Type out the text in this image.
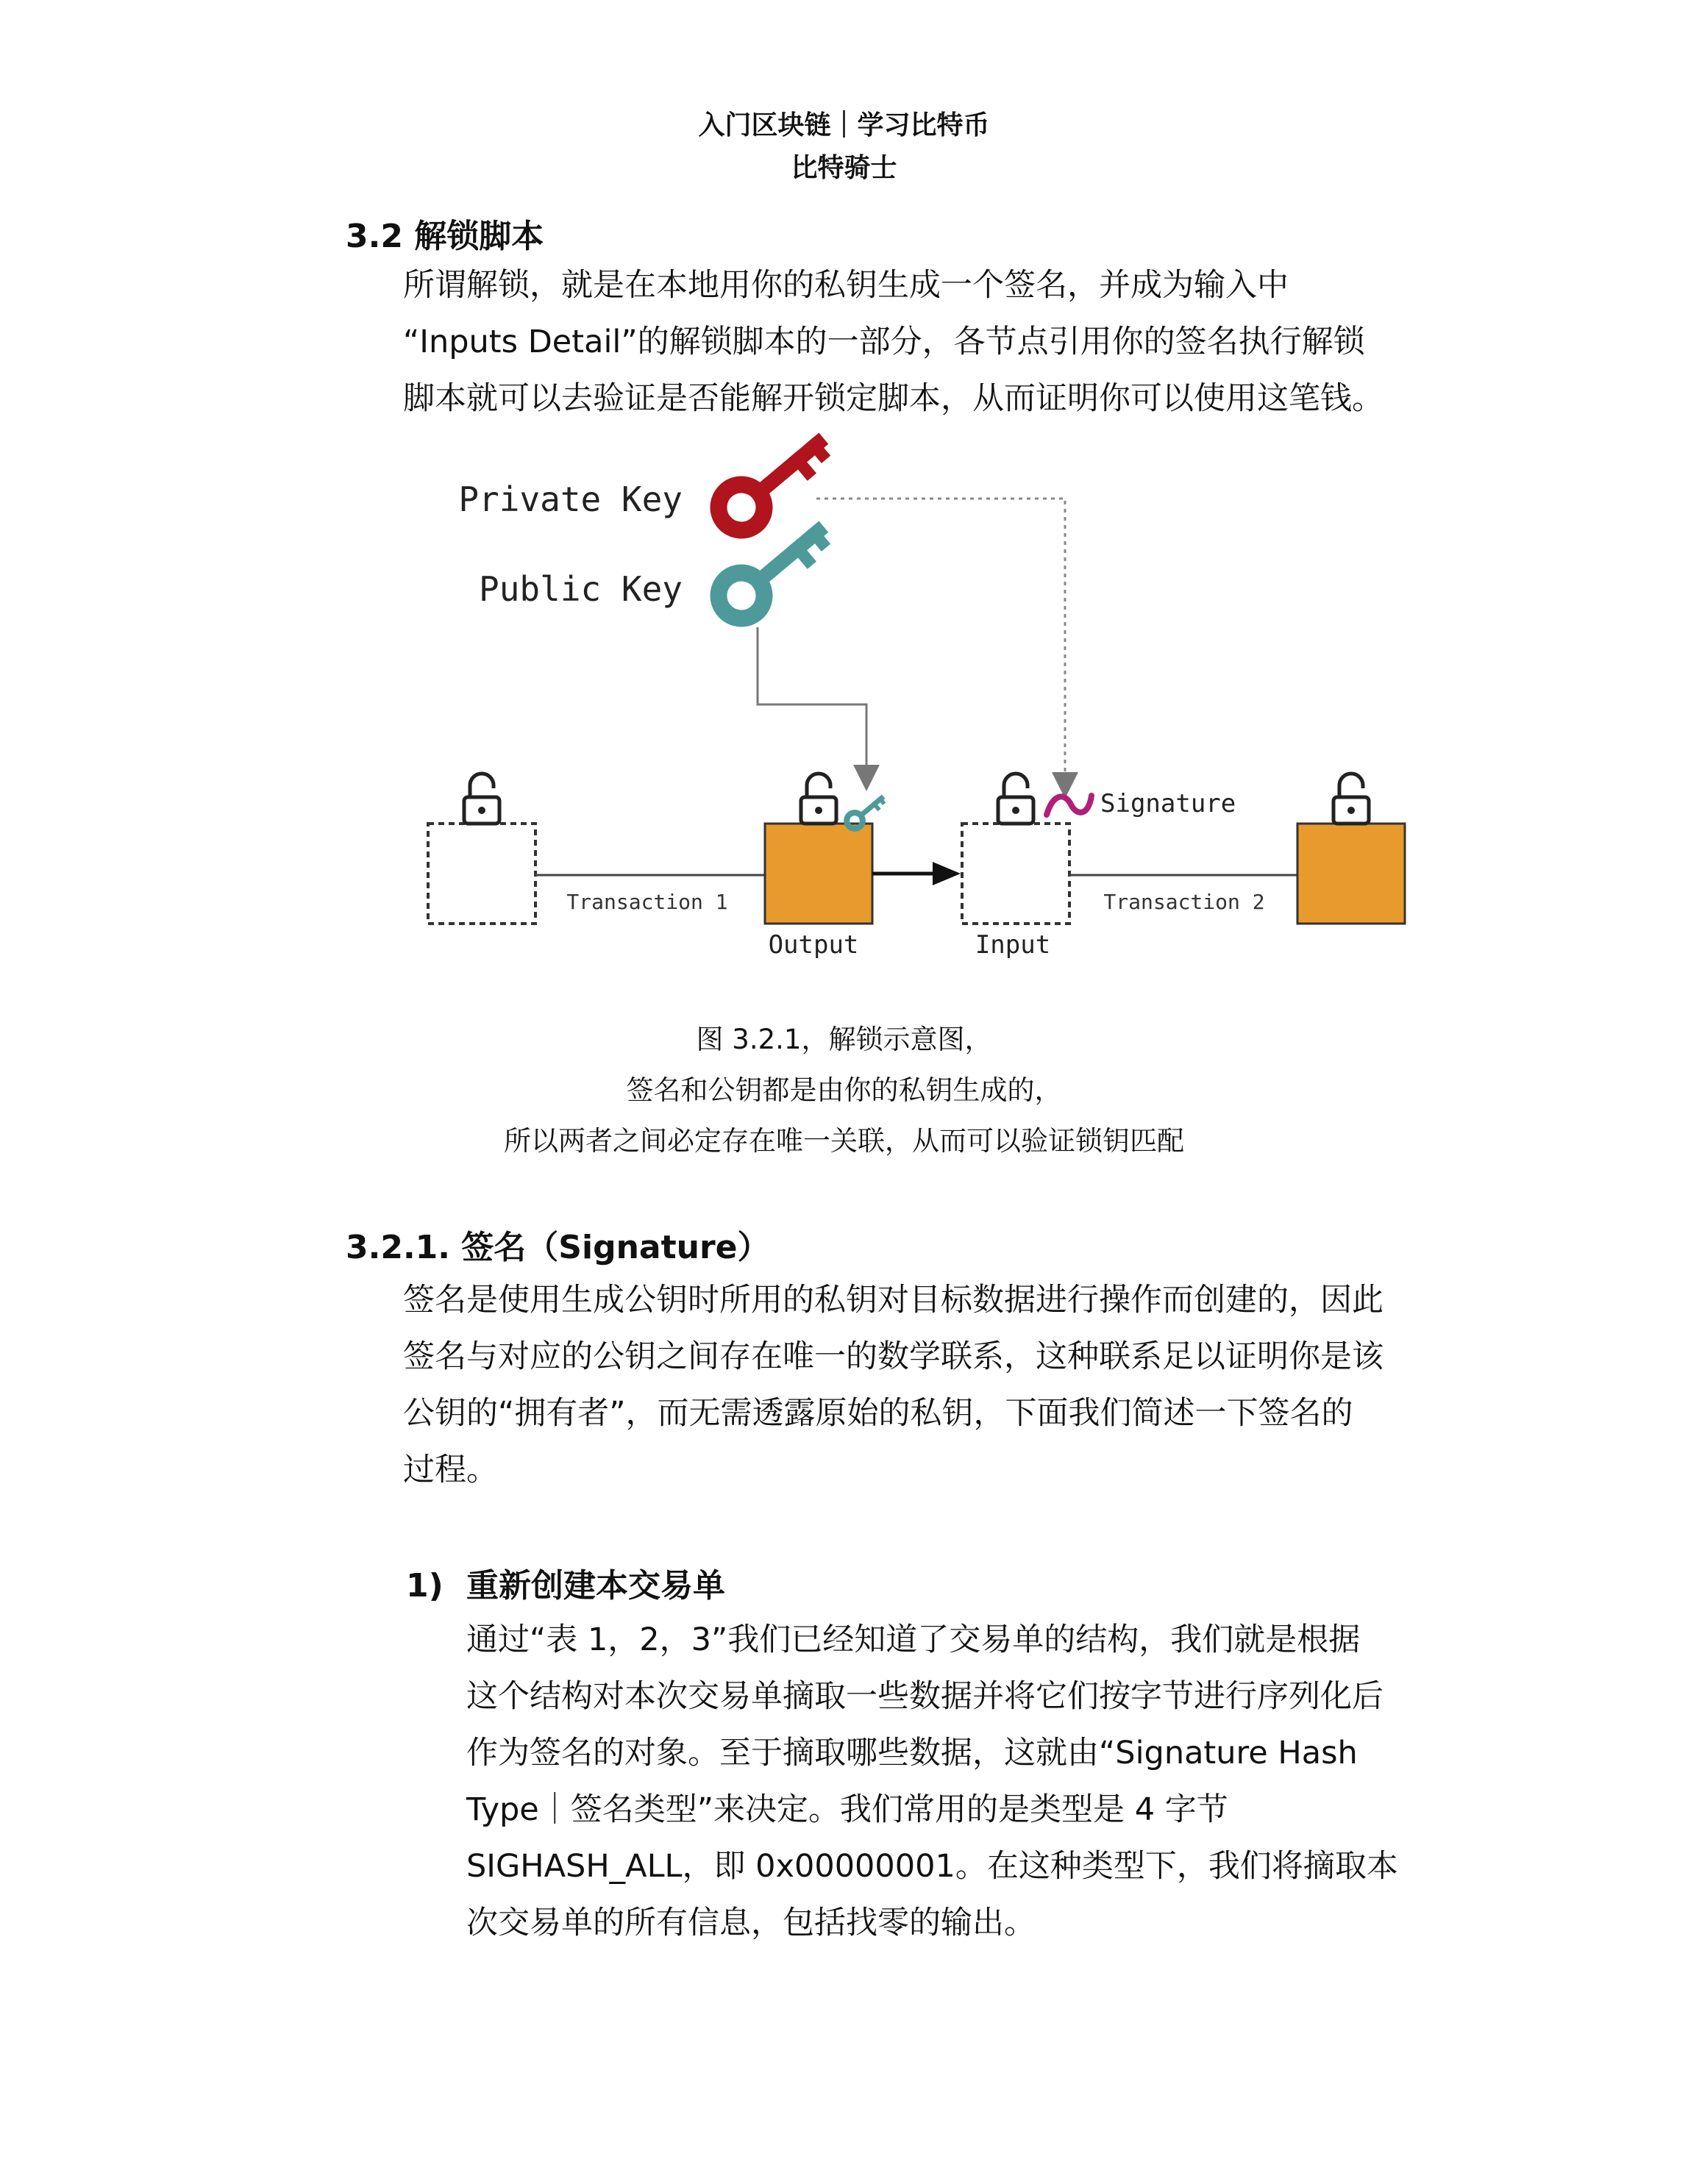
入门区块链｜学习比特币
比特骑士
3.2 解锁脚本
所谓解锁，就是在本地用你的私钥生成一个签名，并成为输入中
“Inputs Detail”的解锁脚本的一部分，各节点引用你的签名执行解锁
脚本就可以去验证是否能解开锁定脚本，从而证明你可以使用这笔钱。
Private Key
Public Key
Transaction 1
Output	Input
Signature
Transaction 2
图 3.2.1，解锁示意图，
签名和公钥都是由你的私钥生成的，
所以两者之间必定存在唯一关联，从而可以验证锁钥匹配
3.2.1. 签名（Signature）
签名是使用生成公钥时所用的私钥对目标数据进行操作而创建的，因此
签名与对应的公钥之间存在唯一的数学联系，这种联系足以证明你是该
公钥的“拥有者”，而无需透露原始的私钥，下面我们简述一下签名的
过程。
1) 重新创建本交易单
通过“表 1，2，3”我们已经知道了交易单的结构，我们就是根据
这个结构对本次交易单摘取一些数据并将它们按字节进行序列化后
作为签名的对象。至于摘取哪些数据，这就由“Signature Hash
Type｜签名类型”来决定。我们常用的是类型是 4 字节
SIGHASH_ALL，即 0x00000001。在这种类型下，我们将摘取本
次交易单的所有信息，包括找零的输出。
